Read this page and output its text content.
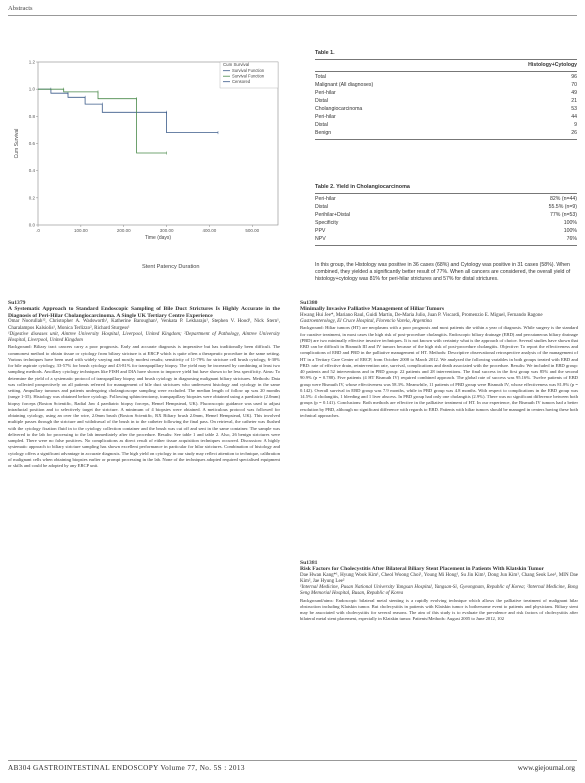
Abstracts
1.2
1.0
0.8
0.6
0.4
0.2
0.0
.0	100.00	200.00	300.00	400.00	500.00
Time (days)
Cum Survival
Cum Survival
Survival Function
Survival Function
Censored
Stent Patency Duration
Table 1.
Histology+Cytology
Total	96
Malignant (All diagnoses)	70
Peri-hilar	49
Distal	21
Cholangiocarcinoma	53
Peri-hilar	44
Distal	9
Benign	26
Table 2. Yield in Cholangiocarcinoma
Peri-hilar	82% (n=44)
Distal	55.5% (n=9)
Perihilar+Distal	77% (n=53)
Specificity	100%
PPV	100%
NPV	76%
In this group, the Histology was positive in 36 cases (68%) and Cytology was positive in 31 cases (58%). When combined, they yielded a significantly better result of 77%. When all cancers are considered, the overall yield of histology+cytology was 81% for peri-hilar strictures and 57% for distal strictures.

Su1379

A Systematic Approach to Standard Endoscopic Sampling of Bile Duct Strictures Is Highly Accurate in the Diagnosis of Peri-Hilar Cholangiocarcinoma. A Single UK Tertiary Centre Experience

Omar Noorullah¹², Christopher A. Wadsworth¹, Katherine Baroughan¹, Venkata P. Lekharaju¹, Stephen V. Hood¹, Nick Stern¹, Charalampos Kalsiolis¹, Monica Terlizzo², Richard Sturgess¹

¹Digestive diseases unit, Aintree University Hospital, Liverpool, United Kingdom; ²Department of Pathology, Aintree University Hospital, Liverpool, United Kingdom

Background: Biliary tract cancers carry a poor prognosis. Early and accurate diagnosis is imperative but has traditionally been difficult. The commonest method to obtain tissue or cytology from biliary stricture is at ERCP which is quite often a therapeutic procedure in the same setting. Various techniques have been used with widely varying and mostly modest results; sensitivity of 11-79% for stricture cell brush cytology, 6-30% for bile aspirate cytology, 33-57% for brush cytology and 43-81% for transpapillary biopsy. The yield may be increased by combining at least two sampling methods. Ancillary cytology techniques like FISH and DIA have shown to improve yield but have shown to be less specificity. Aims: To determine the yield of a systematic protocol of transpapillary biopsy and brush cytology in diagnosing malignant biliary strictures. Methods: Data was collected prospectively on all patients referred for management of bile duct strictures who underwent histology and cytology in the same setting. Ampullary tumours and patients undergoing cholangioscope sampling were excluded. The median length of follow up was 20 months (range 1-35). Histology was obtained before cytology. Following sphincterotomy, transpapillary biopsies were obtained using a paediatric (2.0mm) biopsy forceps (Boston Scientific, Radial Jaw 4 paediatric biopsy forceps, Hemel Hempstead, UK). Fluoroscopic guidance was used to adjust intraductal position and to selectively target the stricture. A minimum of 4 biopsies were obtained. A meticulous protocol was followed for obtaining cytology, using an over the wire, 2.0mm brush (Boston Scientific, RX Biliary brush 2.0mm, Hemel Hempstead, UK). This involved multiple passes through the stricture and withdrawal of the brush in to the catheter following the final pass. On retrieval, the catheter was flushed with the cytology fixation fluid in to the cytology collection container and the brush was cut off and sent in the same container. The sample was delivered to the lab for processing to the lab immediately after the procedure. Results: See table 1 and table 2. Also, 26 benign strictures were sampled. There were no false positives. No complications as direct result of either tissue acquisition techniques occurred. Discussion: A highly systematic approach to biliary stricture sampling has shown excellent performance in particular for hilar strictures. Combination of histology and cytology offers a significant advantage in accurate diagnosis. The high yield on cytology in our study may reflect attention to technique, calibration of malignant cells when obtaining biopsies earlier or prompt processing in the lab. None of the techniques adopted required specialised equipment or skills and could be adopted by any ERCP unit.

Su1380

Minimally Invasive Palliative Management of Hiliar Tumors

Hwang Hui Jee*, Mariano Raul, Guidi Martin, De-Maria Julio, Juan P. Viscardi, Promenzio E. Miguel, Fernando Ragone

Gastroenterology, El Cruce Hospital, Florencio Varela, Argentina

Background: Hiliar tumors (HT) are neoplasms with a poor prognosis and most patients die within a year of diagnosis. While surgery is the standard for curative treatment, in most cases the high risk of post-procedure cholangitis. Endoscopic biliary drainage (EBD) and percutaneous biliary drainage (PBD) are two minimally effective invasive techniques. It is not known with certainty what is the approach of choice. Several studies have shown that EBD can be difficult in Bismuth III and IV tumors because of the high risk of post-procedure cholangitis. Objective: To report the effectiveness and complications of EBD and PBD in the palliative management of HT. Methods: Descriptive observational retrospective analysis of the management of HT in a Tertiary Care Center of ERCP, from October 2008 to March 2012. We analyzed the following variables in both groups treated with EBD and PBD: rate of effective drain, reintervention rate, survival, complications and death associated with the procedure. Results: We included in EBD group: 40 patients and 52 interventions and in PBD group: 22 patients and 28 interventions. The final success in the first group was 85% and the second 90.9% (p = 0.788). Five patients (4 HT Bismuth IV) required combined approach. The global rate of success was 95.16%. Twelve patients of EBD group were Bismuth IV, whose effectiveness was 58.3%. Meanwhile, 11 patients of PBD group were Bismuth IV, whose effectiveness was 81.8% (p = 0.142). Overall survival in EBD group was 7.9 months, while in PBD group was 4.8 months. With respect to complications in the EBD group was 14.5%: 4 cholangitis, 1 bleeding and 1 liver abscess. In PBD group had only one cholangitis (2.9%). There was no significant difference between both groups (p = 0.141). Conclusions: Both methods are effective in the palliative treatment of HT. In our experience, the Bismuth IV tumors had a better resolution by PBD, although no significant difference with regards to EBD. Patients with hiliar tumors should be managed in centers having these both technical approaches.

Su1381

Risk Factors for Cholecystitis After Bilateral Biliary Stent Placement in Patients With Klatskin Tumor

Dae Hwan Kang*¹, Hyung Wook Kim¹, Cheol Woong Choi¹, Young Mi Hong¹, Su Jin Kim¹, Dong Jun Kim¹, Chang Seok Lee¹, MIN Dae Kim², Jae Hyung Lee²

¹Internal Medicine, Pusan National University Yangsan Hospital, Yangsan-Si, Gyeongnam, Republic of Korea; ²Internal Medicine, Bong Seng Memorial Hospital, Busan, Republic of Korea

Background/aims: Endoscopic bilateral metal stenting is a rapidly evolving technique which allows the palliative treatment of malignant hilar obstruction including Klatskin tumor. But cholecystitis in patients with Klatskin tumor is bothersome event to patients and physicians. Biliary stent may be associated with cholecystitis for several reasons. The aim of this study is to evaluate the prevalence and risk factors of cholecystitis after bilateral metal stent placement, especially in Klatskin tumor. Patients/Methods: August 2005 to June 2012, 102

AB304 GASTROINTESTINAL ENDOSCOPY Volume 77, No. 5S : 2013	www.giejournal.org
